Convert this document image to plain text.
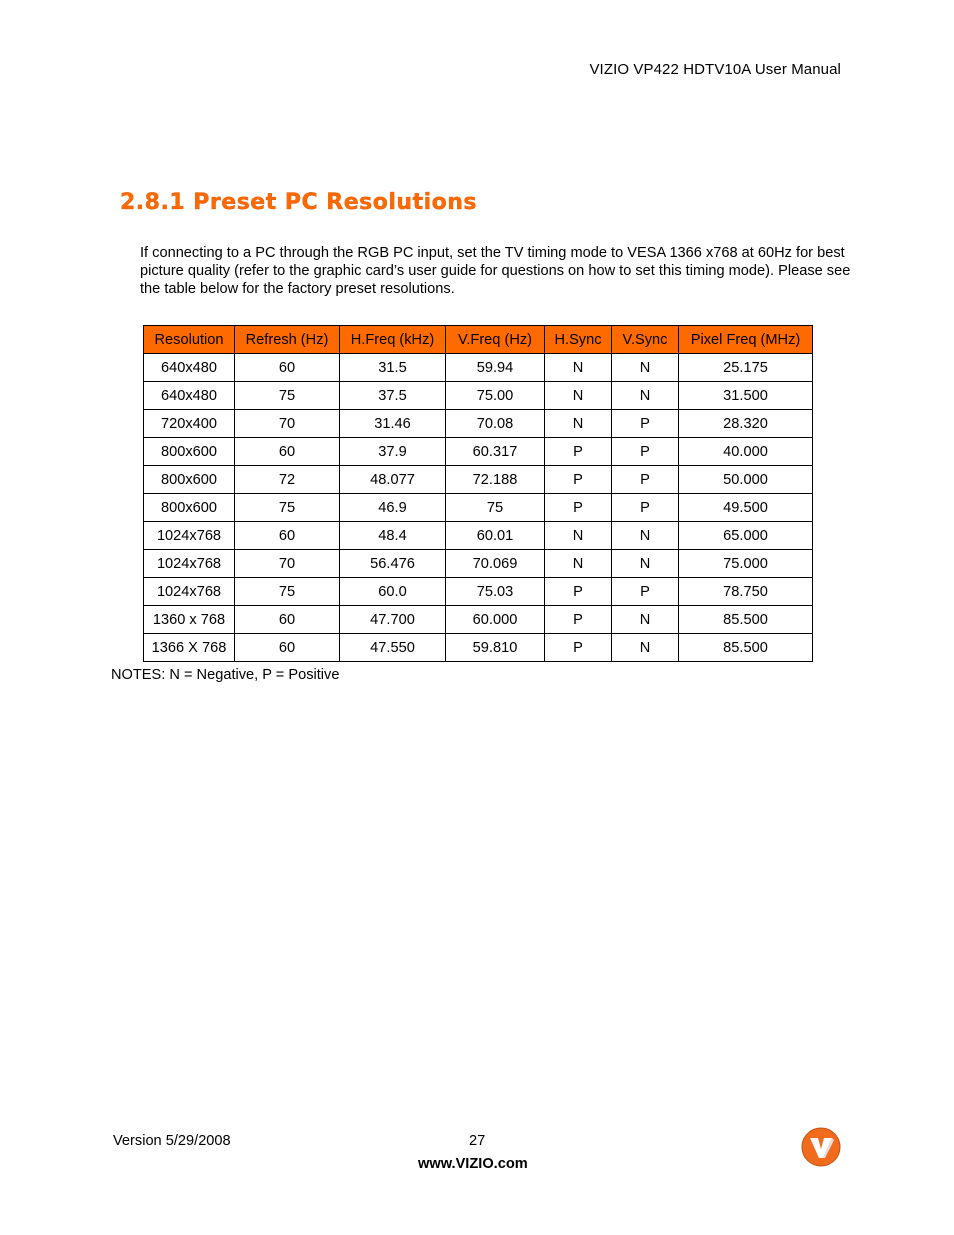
VIZIO VP422 HDTV10A User Manual
2.8.1 Preset PC Resolutions
If connecting to a PC through the RGB PC input, set the TV timing mode to VESA 1366 x768 at 60Hz for best picture quality (refer to the graphic card’s user guide for questions on how to set this timing mode). Please see the table below for the factory preset resolutions.
Resolution	Refresh (Hz)	H.Freq (kHz)	V.Freq (Hz)	H.Sync	V.Sync	Pixel Freq (MHz)
640x480	60	31.5	59.94	N	N	25.175
640x480	75	37.5	75.00	N	N	31.500
720x400	70	31.46	70.08	N	P	28.320
800x600	60	37.9	60.317	P	P	40.000
800x600	72	48.077	72.188	P	P	50.000
800x600	75	46.9	75	P	P	49.500
1024x768	60	48.4	60.01	N	N	65.000
1024x768	70	56.476	70.069	N	N	75.000
1024x768	75	60.0	75.03	P	P	78.750
1360 x 768	60	47.700	60.000	P	N	85.500
1366 X 768	60	47.550	59.810	P	N	85.500
NOTES: N = Negative, P = Positive
Version 5/29/2008	27
www.VIZIO.com
